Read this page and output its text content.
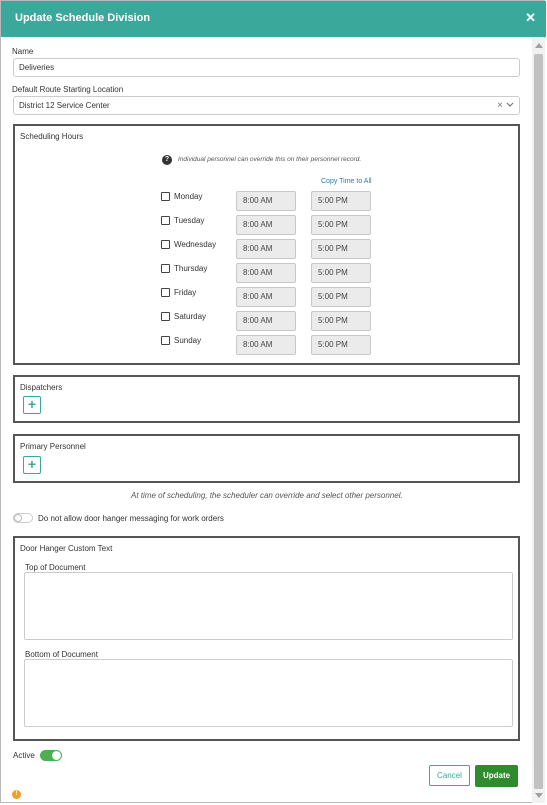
Update Schedule Division	✕
Name
Deliveries
Default Route Starting Location
District 12 Service Center	×
Scheduling Hours
?	Individual personnel can override this on their personnel record.
Copy Time to All
Monday	8:00 AM	5:00 PM
Tuesday	8:00 AM	5:00 PM
Wednesday	8:00 AM	5:00 PM
Thursday	8:00 AM	5:00 PM
Friday	8:00 AM	5:00 PM
Saturday	8:00 AM	5:00 PM
Sunday	8:00 AM	5:00 PM
Dispatchers
+
Primary Personnel
+
At time of scheduling, the scheduler can override and select other personnel.
Do not allow door hanger messaging for work orders
Door Hanger Custom Text
Top of Document
Bottom of Document
Active
Cancel	Update
!
